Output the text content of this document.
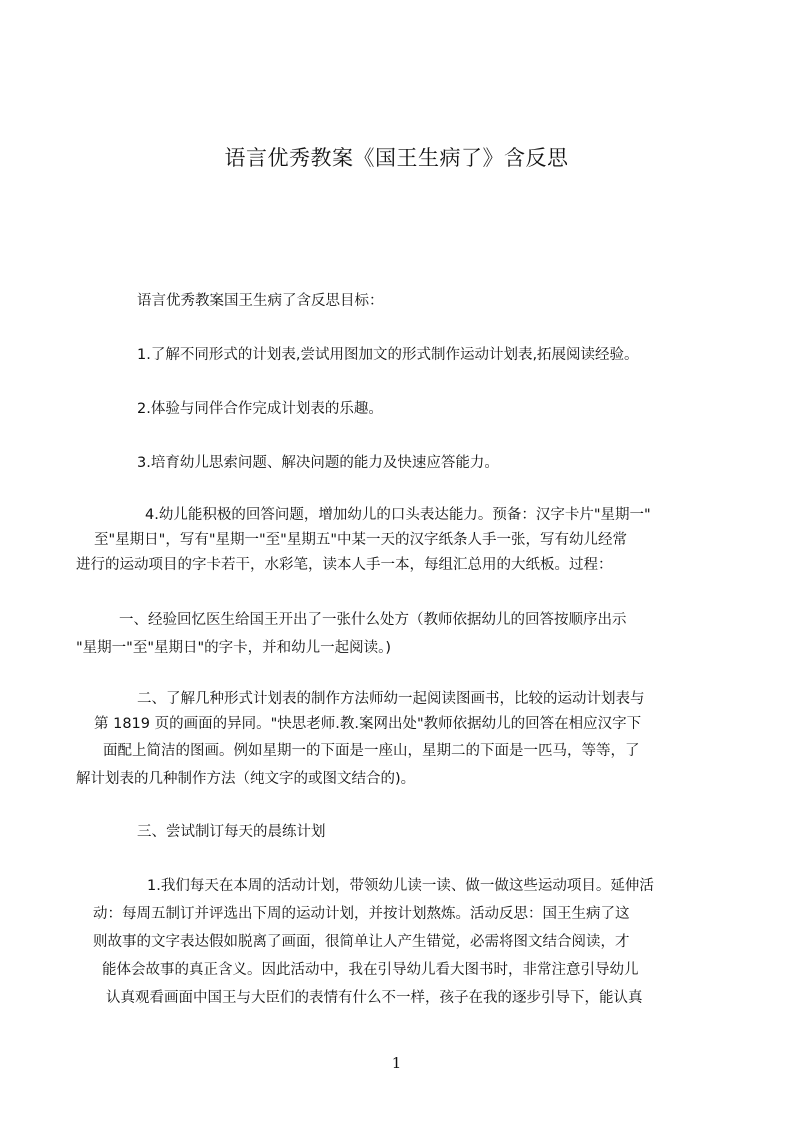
语言优秀教案《国王生病了》含反思

语言优秀教案国王生病了含反思目标：

1.了解不同形式的计划表,尝试用图加文的形式制作运动计划表,拓展阅读经验。

2.体验与同伴合作完成计划表的乐趣。

3.培育幼儿思索问题、解决问题的能力及快速应答能力。

4.幼儿能积极的回答问题，增加幼儿的口头表达能力。预备：汉字卡片"星期一"

至"星期日"，写有"星期一"至"星期五"中某一天的汉字纸条人手一张，写有幼儿经常

进行的运动项目的字卡若干，水彩笔，读本人手一本，每组汇总用的大纸板。过程：

一、经验回忆医生给国王开出了一张什么处方（教师依据幼儿的回答按顺序出示

"星期一"至"星期日"的字卡，并和幼儿一起阅读。)

二、了解几种形式计划表的制作方法师幼一起阅读图画书，比较的运动计划表与

第 1819 页的画面的异同。"快思老师.教.案网出处"教师依据幼儿的回答在相应汉字下

面配上简洁的图画。例如星期一的下面是一座山，星期二的下面是一匹马，等等，了

解计划表的几种制作方法（纯文字的或图文结合的)。

三、尝试制订每天的晨练计划

1.我们每天在本周的活动计划，带领幼儿读一读、做一做这些运动项目。延伸活

动：每周五制订并评选出下周的运动计划，并按计划熬炼。活动反思：国王生病了这

则故事的文字表达假如脱离了画面，很简单让人产生错觉，必需将图文结合阅读，才

能体会故事的真正含义。因此活动中，我在引导幼儿看大图书时，非常注意引导幼儿

认真观看画面中国王与大臣们的表情有什么不一样，孩子在我的逐步引导下，能认真

1
